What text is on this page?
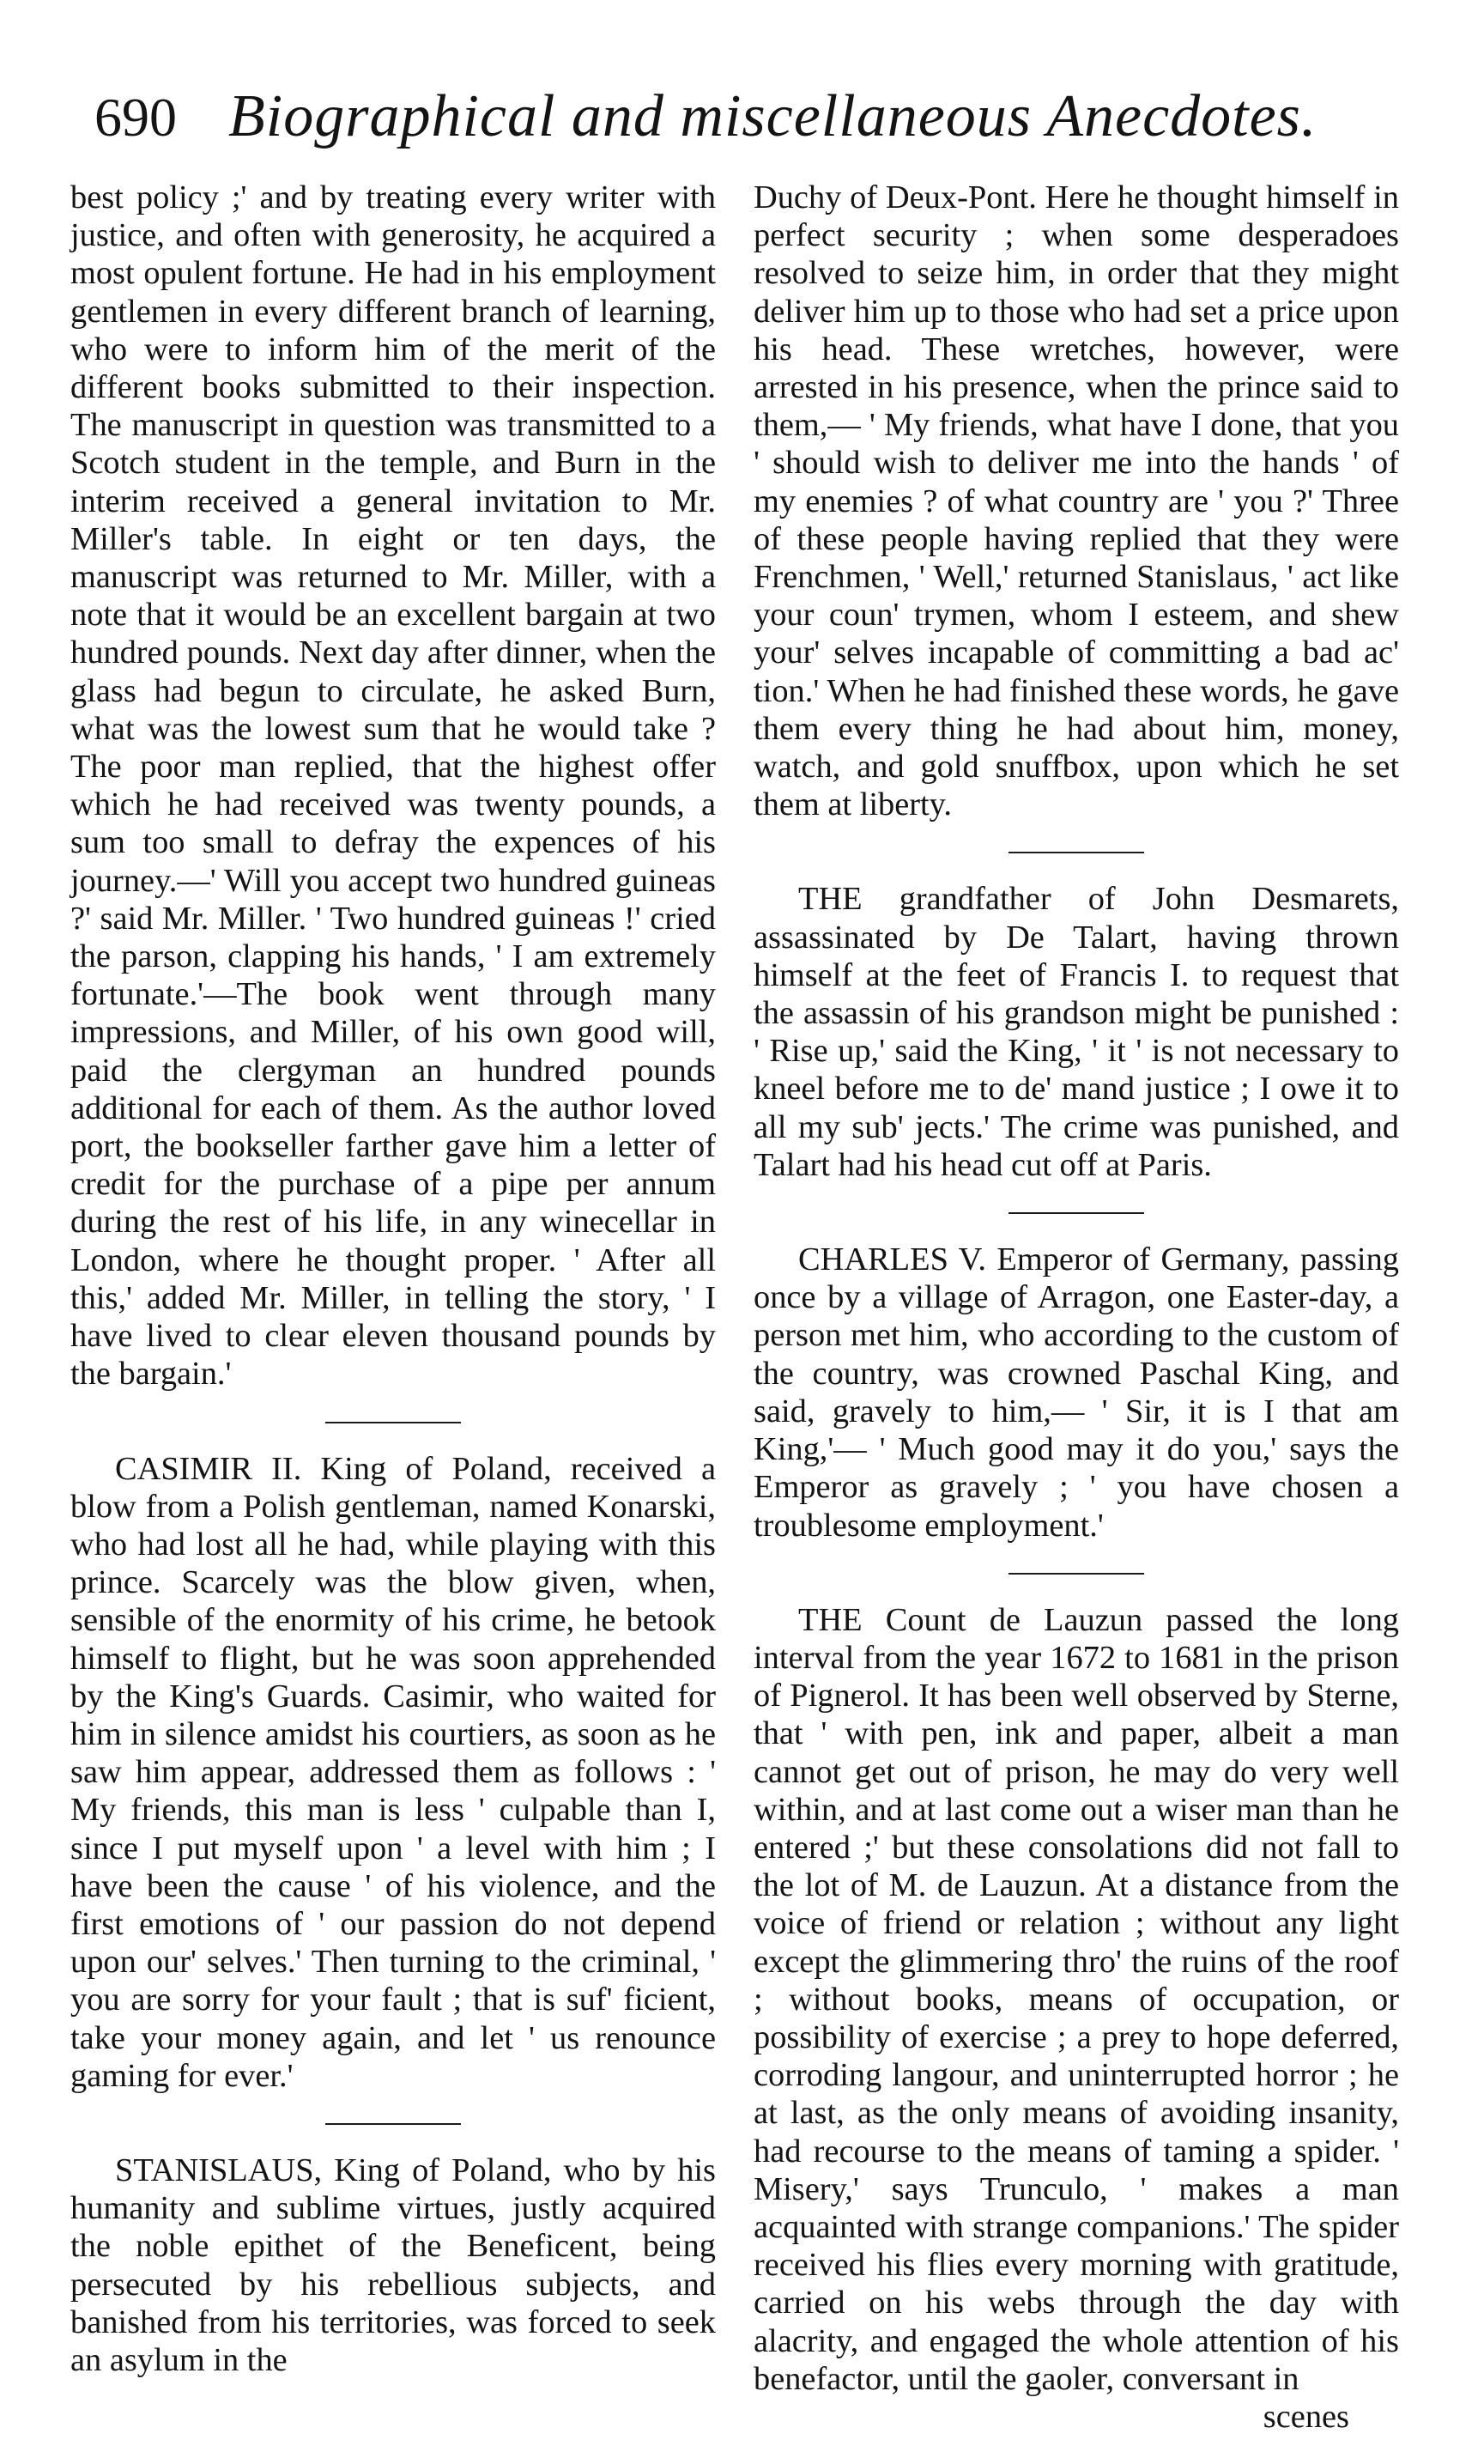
690 Biographical and miscellaneous Anecdotes.

best policy ;' and by treating every writer with justice, and often with generosity, he acquired a most opulent fortune. He had in his employment gentlemen in every different branch of learning, who were to inform him of the merit of the different books submitted to their inspection. The manuscript in question was transmitted to a Scotch student in the temple, and Burn in the interim received a general invitation to Mr. Miller's table. In eight or ten days, the manuscript was returned to Mr. Miller, with a note that it would be an excellent bargain at two hundred pounds. Next day after dinner, when the glass had begun to circulate, he asked Burn, what was the lowest sum that he would take ? The poor man replied, that the highest offer which he had received was twenty pounds, a sum too small to defray the expences of his journey.—' Will you accept two hundred guineas ?' said Mr. Miller. ' Two hundred guineas !' cried the parson, clapping his hands, ' I am extremely fortunate.'—The book went through many impressions, and Miller, of his own good will, paid the clergyman an hundred pounds additional for each of them. As the author loved port, the bookseller farther gave him a letter of credit for the purchase of a pipe per annum during the rest of his life, in any winecellar in London, where he thought proper. ' After all this,' added Mr. Miller, in telling the story, ' I have lived to clear eleven thousand pounds by the bargain.'

CASIMIR II. King of Poland, received a blow from a Polish gentleman, named Konarski, who had lost all he had, while playing with this prince. Scarcely was the blow given, when, sensible of the enormity of his crime, he betook himself to flight, but he was soon apprehended by the King's Guards. Casimir, who waited for him in silence amidst his courtiers, as soon as he saw him appear, addressed them as follows : ' My friends, this man is less ' culpable than I, since I put myself upon ' a level with him ; I have been the cause ' of his violence, and the first emotions of ' our passion do not depend upon our' selves.' Then turning to the criminal, ' you are sorry for your fault ; that is suf' ficient, take your money again, and let ' us renounce gaming for ever.'

STANISLAUS, King of Poland, who by his humanity and sublime virtues, justly acquired the noble epithet of the Beneficent, being persecuted by his rebellious subjects, and banished from his territories, was forced to seek an asylum in the

Duchy of Deux-Pont. Here he thought himself in perfect security ; when some desperadoes resolved to seize him, in order that they might deliver him up to those who had set a price upon his head. These wretches, however, were arrested in his presence, when the prince said to them,— ' My friends, what have I done, that you ' should wish to deliver me into the hands ' of my enemies ? of what country are ' you ?' Three of these people having replied that they were Frenchmen, ' Well,' returned Stanislaus, ' act like your coun' trymen, whom I esteem, and shew your' selves incapable of committing a bad ac' tion.' When he had finished these words, he gave them every thing he had about him, money, watch, and gold snuffbox, upon which he set them at liberty.

THE grandfather of John Desmarets, assassinated by De Talart, having thrown himself at the feet of Francis I. to request that the assassin of his grandson might be punished : ' Rise up,' said the King, ' it ' is not necessary to kneel before me to de' mand justice ; I owe it to all my sub' jects.' The crime was punished, and Talart had his head cut off at Paris.

CHARLES V. Emperor of Germany, passing once by a village of Arragon, one Easter-day, a person met him, who according to the custom of the country, was crowned Paschal King, and said, gravely to him,— ' Sir, it is I that am King,'— ' Much good may it do you,' says the Emperor as gravely ; ' you have chosen a troublesome employment.'

THE Count de Lauzun passed the long interval from the year 1672 to 1681 in the prison of Pignerol. It has been well observed by Sterne, that ' with pen, ink and paper, albeit a man cannot get out of prison, he may do very well within, and at last come out a wiser man than he entered ;' but these consolations did not fall to the lot of M. de Lauzun. At a distance from the voice of friend or relation ; without any light except the glimmering thro' the ruins of the roof ; without books, means of occupation, or possibility of exercise ; a prey to hope deferred, corroding langour, and uninterrupted horror ; he at last, as the only means of avoiding insanity, had recourse to the means of taming a spider. ' Misery,' says Trunculo, ' makes a man acquainted with strange companions.' The spider received his flies every morning with gratitude, carried on his webs through the day with alacrity, and engaged the whole attention of his benefactor, until the gaoler, conversant in

scenes
